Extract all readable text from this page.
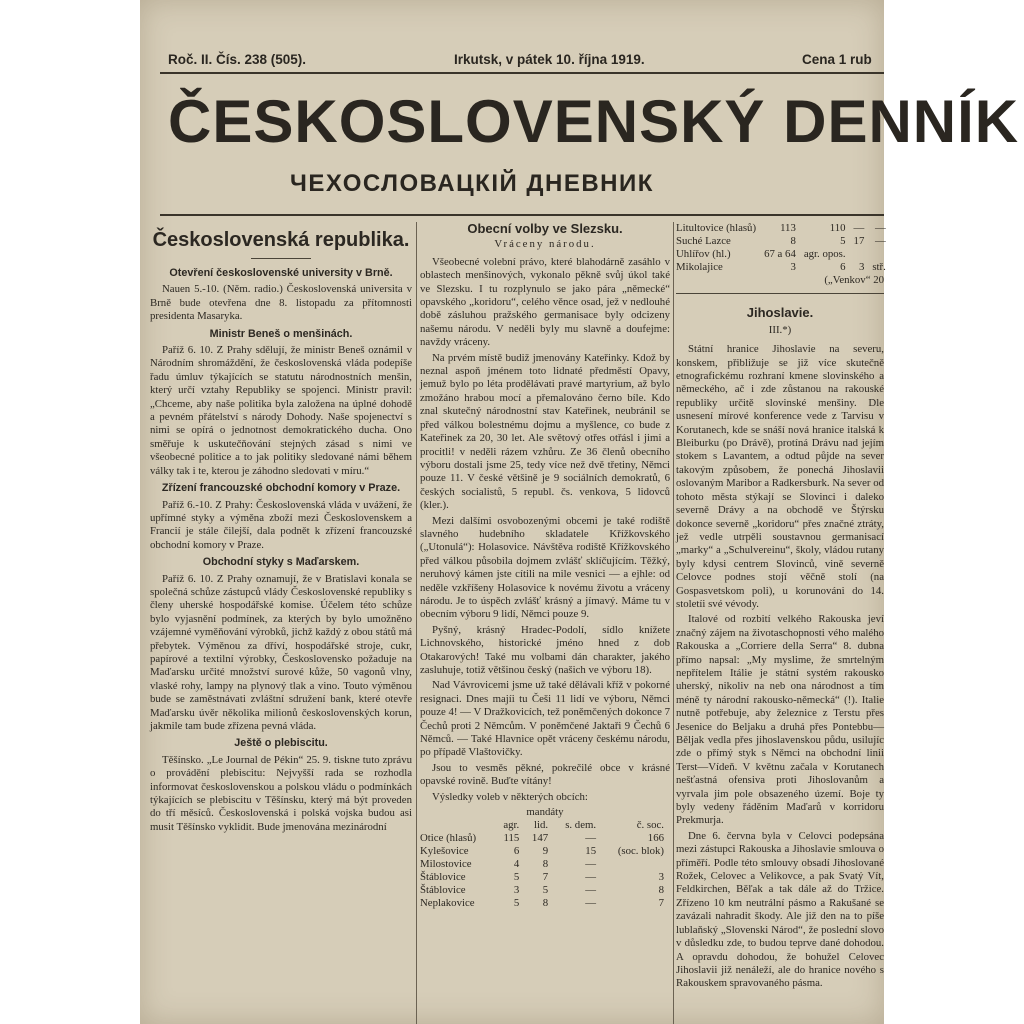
Roč. II. Čís. 238 (505).	Irkutsk, v pátek 10. října 1919.	Cena 1 rub
ČESKOSLOVENSKÝ DENNÍK
ЧЕХОСЛОВАЦКІЙ ДНЕВНИК
Československá republika.
Otevření československé university v Brně.

Nauen 5.-10. (Něm. radio.) Československá universita v Brně bude otevřena dne 8. listopadu za přítomnosti presidenta Masaryka.

Ministr Beneš o menšinách.

Paříž 6. 10. Z Prahy sdělují, že ministr Beneš oznámil v Národním shromáždění, že československá vláda podepíše řadu úmluv týkajících se statutu národnostních menšin, který určí vztahy Republiky se spojenci. Ministr pravil: „Chceme, aby naše politika byla založena na úplné dohodě a pevném přátelství s národy Dohody. Naše spojenectví s nimi se opírá o jednotnost demokratického ducha. Ono směřuje k uskutečňování stejných zásad s nimi ve všeobecné politice a to jak politiky sledované námi během války tak i te, kterou je záhodno sledovati v míru.“

Zřízení francouzské obchodní komory v Praze.

Paříž 6.-10. Z Prahy: Československá vláda v uvážení, že upřímné styky a výměna zboží mezi Československem a Francií je stále čilejší, dala podnět k zřízení francouzské obchodní komory v Praze.

Obchodní styky s Maďarskem.

Paříž 6. 10. Z Prahy oznamují, že v Bratislavi konala se společná schůze zástupců vlády Československé republiky s členy uherské hospodářské komise. Účelem této schůze bylo vyjasnění podmínek, za kterých by bylo umožněno vzájemné vyměňování výrobků, jichž každý z obou států má přebytek. Výměnou za dříví, hospodářské stroje, cukr, papírové a textilní výrobky, Československo požaduje na Maďarsku určité množství surové kůže, 50 vagonů vlny, vlaské rohy, lampy na plynový tlak a vino. Touto výměnou bude se zaměstnávati zvláštní sdružení bank, které otevře Maďarsku úvěr několika milionů československých korun, jakmile tam bude zřízena pevná vláda.

Ještě o plebiscitu.

Těšínsko. „Le Journal de Pékin“ 25. 9. tiskne tuto zprávu o provádění plebiscitu: Nejvyšší rada se rozhodla informovat československou a polskou vládu o podmínkách týkajících se plebiscitu v Těšínsku, který má být proveden do tří měsíců. Československá i polská vojska budou asi musit Těšínsko vyklidit. Bude jmenována mezinárodní

Obecní volby ve Slezsku.
Vráceny národu.

Všeobecné volební právo, které blahodárně zasáhlo v oblastech menšinových, vykonalo pěkně svůj úkol také ve Slezsku. I tu rozplynulo se jako pára „německé“ opavského „koridoru“, celého věnce osad, jež v nedlouhé době zásluhou pražského germanisace byly odcizeny našemu národu. V neděli byly mu slavně a doufejme: navždy vráceny.

Na prvém místě budiž jmenovány Kateřinky. Kdož by neznal aspoň jménem toto lidnaté předměstí Opavy, jemuž bylo po léta prodělávati pravé martyrium, až bylo zmožáno hrabou mocí a přemalováno černo bíle. Kdo znal skutečný národnostní stav Kateřinek, neubránil se před válkou bolestnému dojmu a myšlence, co bude z Kateřinek za 20, 30 let. Ale světový otřes otřásl i jimi a procitli! v neděli rázem vzhůru. Ze 36 členů obecního výboru dostali jsme 25, tedy více než dvě třetiny, Němci pouze 11. V české většině je 9 sociálních demokratů, 6 českých socialistů, 5 republ. čs. venkova, 5 lidovců (kler.).

Mezi dalšími osvobozenými obcemi je také rodiště slavného hudebního skladatele Křížkovského („Utonulá“): Holasovice. Návštěva rodiště Křížkovského před válkou působila dojmem zvlášť sklíčujícím. Těžký, neruhový kámen jste cítili na mile vesnici — a ejhle: od neděle vzkříšeny Holasovice k novému životu a vráceny národu. Je to úspěch zvlášť krásný a jímavý. Máme tu v obecním výboru 9 lidí, Němci pouze 9.

Pyšný, krásný Hradec-Podolí, sídlo knížete Lichnovského, historické jméno hned z dob Otakarových! Také mu volbami dán charakter, jakého zasluhuje, totiž většinou český (našich ve výboru 18).

Nad Vávrovicemi jsme už také dělávali kříž v pokorné resignaci. Dnes majíi tu Češi 11 lidí ve výboru, Němci pouze 4! — V Dražkovicích, tež poněmčených dokonce 7 Čechů proti 2 Němcům. V poněmčené Jaktaři 9 Čechů 6 Němců. — Také Hlavnice opět vráceny českému národu, po případě Vlaštovičky.

Jsou to vesměs pěkné, pokrečilé obce v krásné opavské rovině. Buďte vítány!

Výsledky voleb v některých obcích:

mandáty
	agr.	lid.	s. dem.	č. soc.
Otice (hlasů)	115	147	—	166
Kylešovice	6	9	15	(soc. blok)
Milostovice	4	8	—	
Štáblovice	5	7	—	3
Štáblovice	3	5	—	8
Neplakovice	5	8	—	7
Litultovice (hlasů)	113	110	—	—
Suché Lazce	8	5	17	—
Uhlířov (hl.)	67 a 64	agr. opos.		
Mikolajice	3	6	3	stř.
(„Venkov“ 20
Jihoslavie.
III.*)

Státní hranice Jihoslavie na severu, konskem, přibližuje se již více skutečně etnografickému rozhraní kmene slovinského a německého, ač i zde zůstanou na rakouské republiky určitě slovinské menšiny. Dle usnesení mírové konference vede z Tarvisu v Korutanech, kde se snáší nová hranice italská k Bleiburku (po Drávě), protíná Drávu nad jejím stokem s Lavantem, a odtud půjde na sever takovým způsobem, že ponechá Jihoslavii oslovaným Maribor a Radkersburk. Na sever od tohoto města stýkají se Slovinci i daleko severně Drávy a na obchodě ve Štýrsku dokonce severně „koridoru“ přes značné ztráty, jež vedle utrpěli soustavnou germanisací „marky“ a „Schulvereinu“, školy, vládou rutany byly kdysi centrem Slovinců, vině severně Celovce podnes stojí věčně stolí (na Gospasvetskom poli), u korunováni do 14. stoletíi své vévody.

Italové od rozbití velkého Rakouska jeví značný zájem na životaschopnosti vého malého Rakouska a „Corriere della Serra“ 8. dubna přímo napsal: „My myslime, že smrtelným nepřítelem Itálie je státní systém rakousko uherský, nikoliv na neb ona národnost a tím méně ty národní rakousko-německá“ (!). Italie nutně potřebuje, aby železnice z Terstu přes Jesenice do Beljaku a druhá přes Pontebbu—Běljak vedla přes jihoslavenskou půdu, usilujíc zde o přímý styk s Němci na obchodní linii Terst—Vídeň. V květnu začala v Korutanech nešťastná ofensiva proti Jihoslovanům a vyrvala jim pole obsazeného území. Boje ty byly vedeny řáděním Maďarů v korridoru Prekmurja.

Dne 6. června byla v Celovci podepsána mezi zástupci Rakouska a Jihoslavie smlouva o příměří. Podle této smlouvy obsadí Jihoslované Rožek, Celovec a Velikovce, a pak Svatý Vít, Feldkirchen, Běľak a tak dále až do Tržice. Zřízeno 10 km neutrální pásmo a Rakušané se zavázali nahradit škody. Ale již den na to píše lublaňský „Slovenski Národ“, že poslední slovo v důsledku zde, to budou teprve dané dohodou. A opravdu dohodou, že bohužel Celovec Jihoslavii již nenáleží, ale do hranice nového s Rakouskem spravovaného pásma.
